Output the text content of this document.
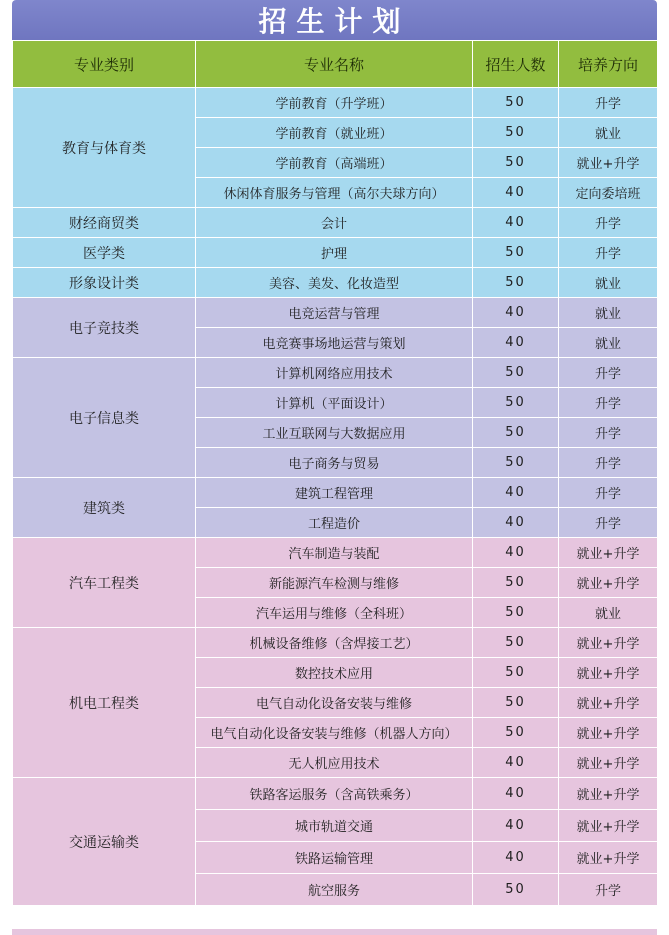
招生计划
专业类别	专业名称	招生人数	培养方向
教育与体育类	学前教育（升学班）	50	升学
	学前教育（就业班）	50	就业
	学前教育（高端班）	50	就业+升学
	休闲体育服务与管理（高尔夫球方向）	40	定向委培班
财经商贸类	会计	40	升学
医学类	护理	50	升学
形象设计类	美容、美发、化妆造型	50	就业
电子竞技类	电竞运营与管理	40	就业
	电竞赛事场地运营与策划	40	就业
电子信息类	计算机网络应用技术	50	升学
	计算机（平面设计）	50	升学
	工业互联网与大数据应用	50	升学
	电子商务与贸易	50	升学
建筑类	建筑工程管理	40	升学
	工程造价	40	升学
汽车工程类	汽车制造与装配	40	就业+升学
	新能源汽车检测与维修	50	就业+升学
	汽车运用与维修（全科班）	50	就业
机电工程类	机械设备维修（含焊接工艺）	50	就业+升学
	数控技术应用	50	就业+升学
	电气自动化设备安装与维修	50	就业+升学
	电气自动化设备安装与维修（机器人方向）	50	就业+升学
	无人机应用技术	40	就业+升学
交通运输类	铁路客运服务（含高铁乘务）	40	就业+升学
	城市轨道交通	40	就业+升学
	铁路运输管理	40	就业+升学
	航空服务	50	升学
